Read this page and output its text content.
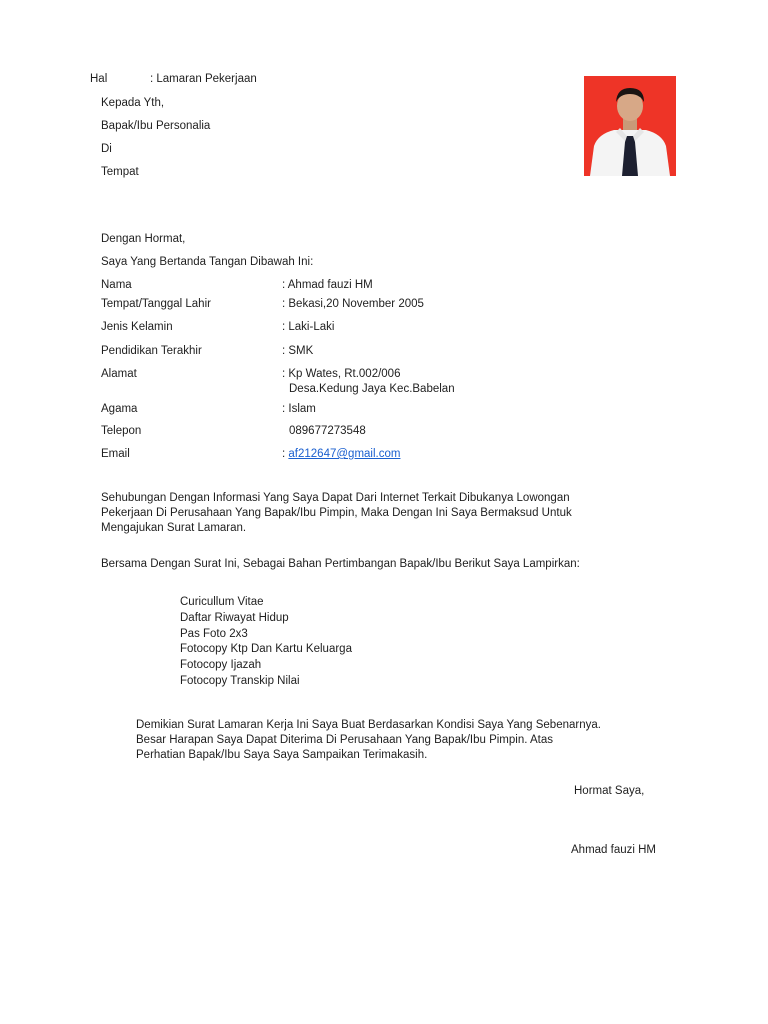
Hal	: Lamaran Pekerjaan
Kepada Yth,
Bapak/Ibu Personalia
Di
Tempat
Dengan Hormat,
Saya Yang Bertanda Tangan Dibawah Ini:
Nama	: Ahmad fauzi HM
Tempat/Tanggal Lahir	: Bekasi,20 November 2005
Jenis Kelamin	: Laki-Laki
Pendidikan Terakhir	: SMK
Alamat	: Kp Wates, Rt.002/006
Desa.Kedung Jaya Kec.Babelan
Agama	: Islam
Telepon	089677273548
Email	: af212647@gmail.com
Sehubungan Dengan Informasi Yang Saya Dapat Dari Internet Terkait Dibukanya Lowongan
Pekerjaan Di Perusahaan Yang Bapak/Ibu Pimpin, Maka Dengan Ini Saya Bermaksud Untuk
Mengajukan Surat Lamaran.
Bersama Dengan Surat Ini, Sebagai Bahan Pertimbangan Bapak/Ibu Berikut Saya Lampirkan:
Curicullum Vitae
Daftar Riwayat Hidup
Pas Foto 2x3
Fotocopy Ktp Dan Kartu Keluarga
Fotocopy Ijazah
Fotocopy Transkip Nilai
Demikian Surat Lamaran Kerja Ini Saya Buat Berdasarkan Kondisi Saya Yang Sebenarnya.
Besar Harapan Saya Dapat Diterima Di Perusahaan Yang Bapak/Ibu Pimpin. Atas
Perhatian Bapak/Ibu Saya Saya Sampaikan Terimakasih.
Hormat Saya,
Ahmad fauzi HM
